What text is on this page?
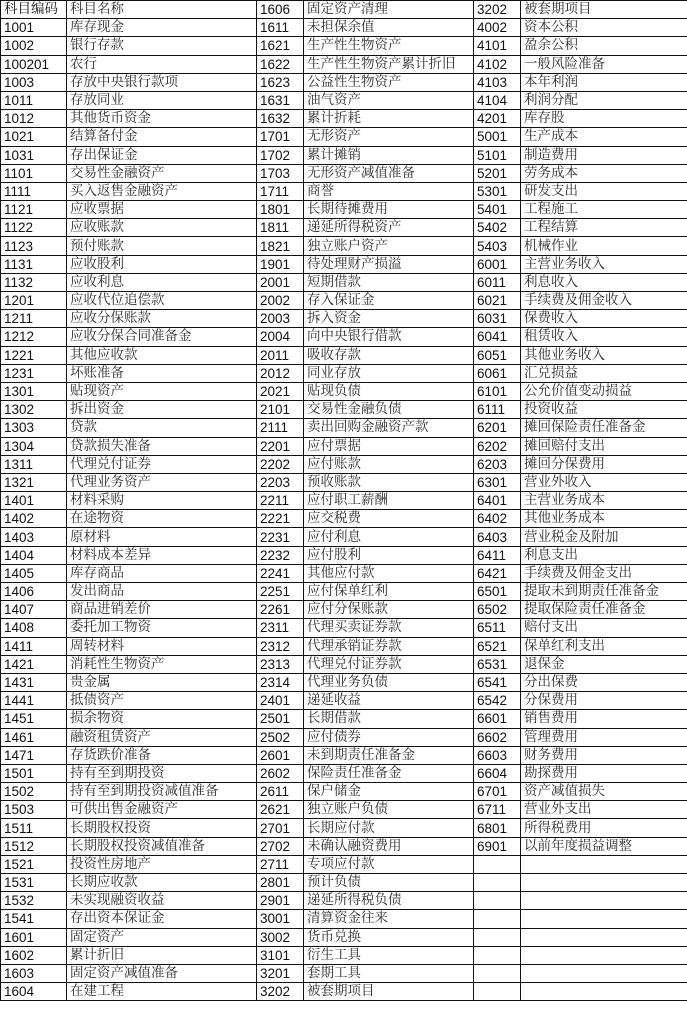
科目编码	科目名称	1606	固定资产清理	3202	被套期项目
1001	库存现金	1611	未担保余值	4002	资本公积
1002	银行存款	1621	生产性生物资产	4101	盈余公积
100201	农行	1622	生产性生物资产累计折旧	4102	一般风险准备
1003	存放中央银行款项	1623	公益性生物资产	4103	本年利润
1011	存放同业	1631	油气资产	4104	利润分配
1012	其他货币资金	1632	累计折耗	4201	库存股
1021	结算备付金	1701	无形资产	5001	生产成本
1031	存出保证金	1702	累计摊销	5101	制造费用
1101	交易性金融资产	1703	无形资产减值准备	5201	劳务成本
1111	买入返售金融资产	1711	商誉	5301	研发支出
1121	应收票据	1801	长期待摊费用	5401	工程施工
1122	应收账款	1811	递延所得税资产	5402	工程结算
1123	预付账款	1821	独立账户资产	5403	机械作业
1131	应收股利	1901	待处理财产损溢	6001	主营业务收入
1132	应收利息	2001	短期借款	6011	利息收入
1201	应收代位追偿款	2002	存入保证金	6021	手续费及佣金收入
1211	应收分保账款	2003	拆入资金	6031	保费收入
1212	应收分保合同准备金	2004	向中央银行借款	6041	租赁收入
1221	其他应收款	2011	吸收存款	6051	其他业务收入
1231	坏账准备	2012	同业存放	6061	汇兑损益
1301	贴现资产	2021	贴现负债	6101	公允价值变动损益
1302	拆出资金	2101	交易性金融负债	6111	投资收益
1303	贷款	2111	卖出回购金融资产款	6201	摊回保险责任准备金
1304	贷款损失准备	2201	应付票据	6202	摊回赔付支出
1311	代理兑付证券	2202	应付账款	6203	摊回分保费用
1321	代理业务资产	2203	预收账款	6301	营业外收入
1401	材料采购	2211	应付职工薪酬	6401	主营业务成本
1402	在途物资	2221	应交税费	6402	其他业务成本
1403	原材料	2231	应付利息	6403	营业税金及附加
1404	材料成本差异	2232	应付股利	6411	利息支出
1405	库存商品	2241	其他应付款	6421	手续费及佣金支出
1406	发出商品	2251	应付保单红利	6501	提取未到期责任准备金
1407	商品进销差价	2261	应付分保账款	6502	提取保险责任准备金
1408	委托加工物资	2311	代理买卖证券款	6511	赔付支出
1411	周转材料	2312	代理承销证券款	6521	保单红利支出
1421	消耗性生物资产	2313	代理兑付证券款	6531	退保金
1431	贵金属	2314	代理业务负债	6541	分出保费
1441	抵债资产	2401	递延收益	6542	分保费用
1451	损余物资	2501	长期借款	6601	销售费用
1461	融资租赁资产	2502	应付债券	6602	管理费用
1471	存货跌价准备	2601	未到期责任准备金	6603	财务费用
1501	持有至到期投资	2602	保险责任准备金	6604	勘探费用
1502	持有至到期投资减值准备	2611	保户储金	6701	资产减值损失
1503	可供出售金融资产	2621	独立账户负债	6711	营业外支出
1511	长期股权投资	2701	长期应付款	6801	所得税费用
1512	长期股权投资减值准备	2702	未确认融资费用	6901	以前年度损益调整
1521	投资性房地产	2711	专项应付款		
1531	长期应收款	2801	预计负债		
1532	未实现融资收益	2901	递延所得税负债		
1541	存出资本保证金	3001	清算资金往来		
1601	固定资产	3002	货币兑换		
1602	累计折旧	3101	衍生工具		
1603	固定资产减值准备	3201	套期工具		
1604	在建工程	3202	被套期项目		
